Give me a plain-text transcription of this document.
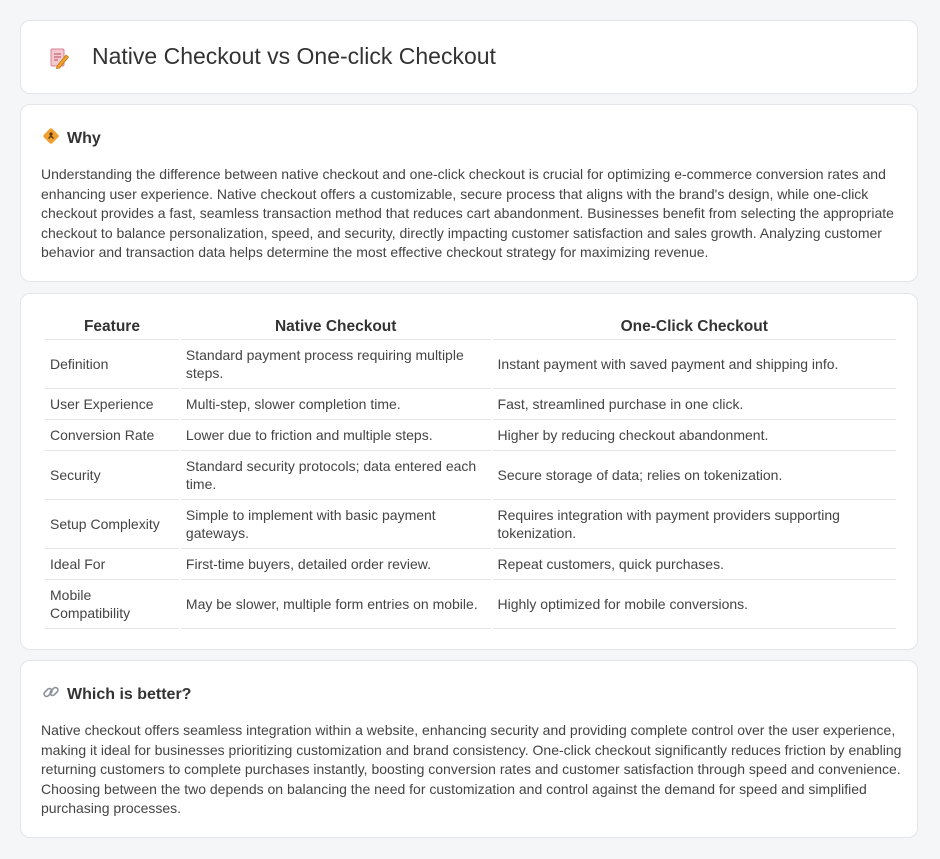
Native Checkout vs One-click Checkout
Why

Understanding the difference between native checkout and one-click checkout is crucial for optimizing e-commerce conversion rates and enhancing user experience. Native checkout offers a customizable, secure process that aligns with the brand's design, while one-click checkout provides a fast, seamless transaction method that reduces cart abandonment. Businesses benefit from selecting the appropriate checkout to balance personalization, speed, and security, directly impacting customer satisfaction and sales growth. Analyzing customer behavior and transaction data helps determine the most effective checkout strategy for maximizing revenue.

Feature	Native Checkout	One-Click Checkout
Definition	Standard payment process requiring multiple steps.	Instant payment with saved payment and shipping info.
User Experience	Multi-step, slower completion time.	Fast, streamlined purchase in one click.
Conversion Rate	Lower due to friction and multiple steps.	Higher by reducing checkout abandonment.
Security	Standard security protocols; data entered each time.	Secure storage of data; relies on tokenization.
Setup Complexity	Simple to implement with basic payment gateways.	Requires integration with payment providers supporting tokenization.
Ideal For	First-time buyers, detailed order review.	Repeat customers, quick purchases.
Mobile Compatibility	May be slower, multiple form entries on mobile.	Highly optimized for mobile conversions.
Which is better?

Native checkout offers seamless integration within a website, enhancing security and providing complete control over the user experience, making it ideal for businesses prioritizing customization and brand consistency. One-click checkout significantly reduces friction by enabling returning customers to complete purchases instantly, boosting conversion rates and customer satisfaction through speed and convenience. Choosing between the two depends on balancing the need for customization and control against the demand for speed and simplified purchasing processes.
